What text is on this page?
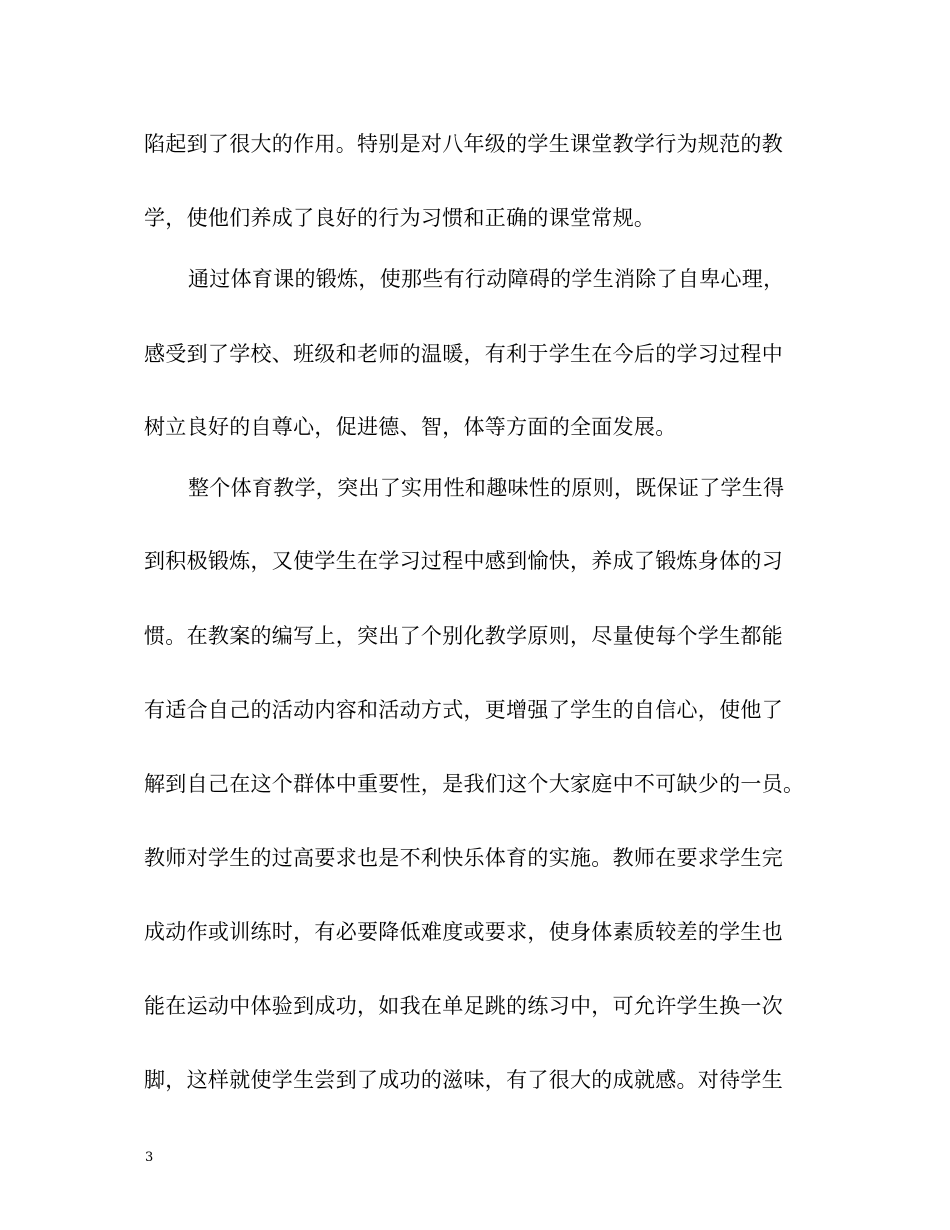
陷起到了很大的作用。特别是对八年级的学生课堂教学行为规范的教
学，使他们养成了良好的行为习惯和正确的课堂常规。
通过体育课的锻炼，使那些有行动障碍的学生消除了自卑心理，
感受到了学校、班级和老师的温暖，有利于学生在今后的学习过程中
树立良好的自尊心，促进德、智，体等方面的全面发展。
整个体育教学，突出了实用性和趣味性的原则，既保证了学生得
到积极锻炼，又使学生在学习过程中感到愉快，养成了锻炼身体的习
惯。在教案的编写上，突出了个别化教学原则，尽量使每个学生都能
有适合自己的活动内容和活动方式，更增强了学生的自信心，使他了
解到自己在这个群体中重要性，是我们这个大家庭中不可缺少的一员。
教师对学生的过高要求也是不利快乐体育的实施。教师在要求学生完
成动作或训练时，有必要降低难度或要求，使身体素质较差的学生也
能在运动中体验到成功，如我在单足跳的练习中，可允许学生换一次
脚，这样就使学生尝到了成功的滋味，有了很大的成就感。对待学生
3
